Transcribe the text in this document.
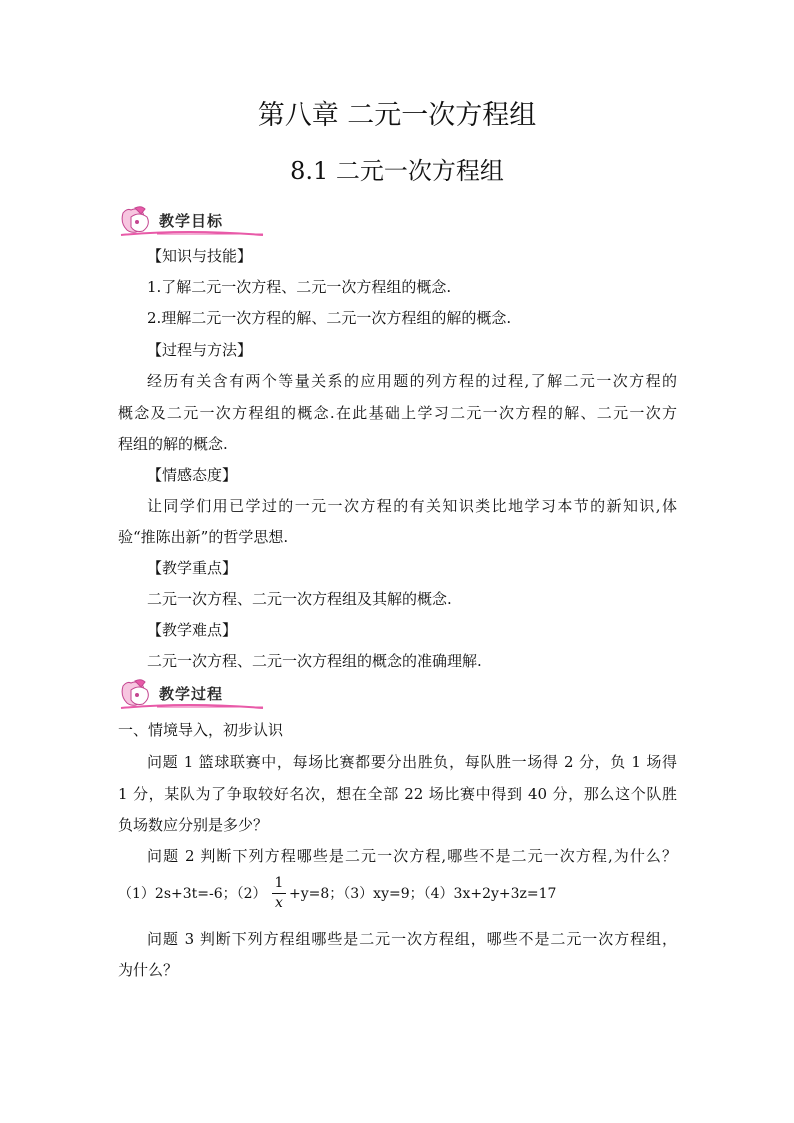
第八章 二元一次方程组
8.1 二元一次方程组
教学目标
【知识与技能】
1.了解二元一次方程、二元一次方程组的概念.
2.理解二元一次方程的解、二元一次方程组的解的概念.
【过程与方法】
经历有关含有两个等量关系的应用题的列方程的过程,了解二元一次方程的
概念及二元一次方程组的概念.在此基础上学习二元一次方程的解、二元一次方
程组的解的概念.
【情感态度】
让同学们用已学过的一元一次方程的有关知识类比地学习本节的新知识,体
验“推陈出新”的哲学思想.
【教学重点】
二元一次方程、二元一次方程组及其解的概念.
【教学难点】
二元一次方程、二元一次方程组的概念的准确理解.
教学过程
一、情境导入，初步认识
问题 1 篮球联赛中，每场比赛都要分出胜负，每队胜一场得 2 分，负 1 场得
1 分，某队为了争取较好名次，想在全部 22 场比赛中得到 40 分，那么这个队胜
负场数应分别是多少？
问题 2 判断下列方程哪些是二元一次方程,哪些不是二元一次方程,为什么？
（1）2s+3t=-6；（2）
1
x
+y=8；（3）xy=9；（4）3x+2y+3z=17
问题 3 判断下列方程组哪些是二元一次方程组，哪些不是二元一次方程组，
为什么？
